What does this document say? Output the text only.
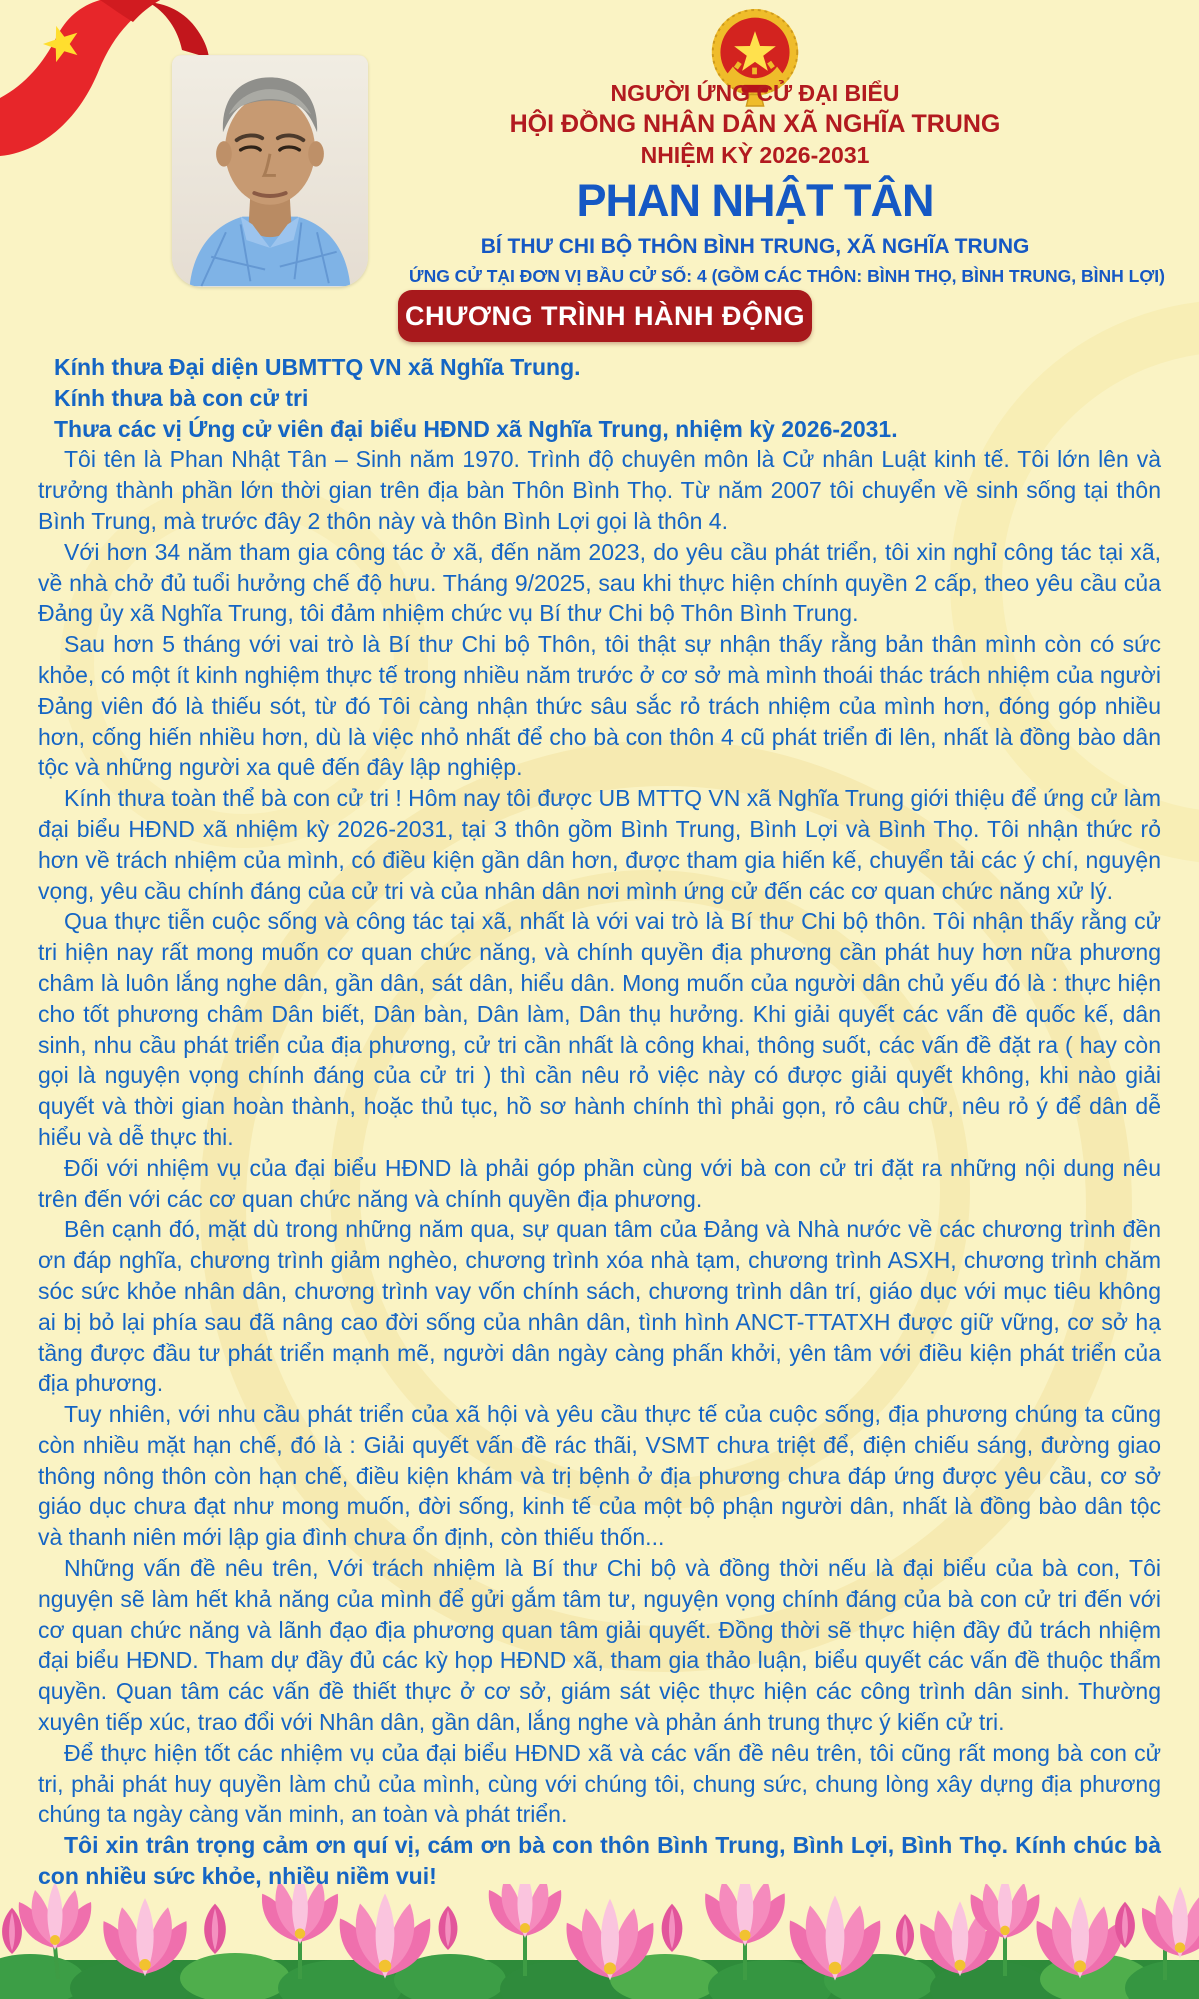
NGƯỜI ỨNG CỬ ĐẠI BIỂU
HỘI ĐỒNG NHÂN DÂN XÃ NGHĨA TRUNG
NHIỆM KỲ 2026-2031
PHAN NHẬT TÂN
BÍ THƯ CHI BỘ THÔN BÌNH TRUNG, XÃ NGHĨA TRUNG
ỨNG CỬ TẠI ĐƠN VỊ BẦU CỬ SỐ: 4 (GỒM CÁC THÔN: BÌNH THỌ, BÌNH TRUNG, BÌNH LỢI)
CHƯƠNG TRÌNH HÀNH ĐỘNG

Kính thưa Đại diện UBMTTQ VN xã Nghĩa Trung.

Kính thưa bà con cử tri

Thưa các vị Ứng cử viên đại biểu HĐND xã Nghĩa Trung, nhiệm kỳ 2026-2031.

Tôi tên là Phan Nhật Tân – Sinh năm 1970. Trình độ chuyên môn là Cử nhân Luật kinh tế. Tôi lớn lên và trưởng thành phần lớn thời gian trên địa bàn Thôn Bình Thọ. Từ năm 2007 tôi chuyển về sinh sống tại thôn Bình Trung, mà trước đây 2 thôn này và thôn Bình Lợi gọi là thôn 4.

Với hơn 34 năm tham gia công tác ở xã, đến năm 2023, do yêu cầu phát triển, tôi xin nghỉ công tác tại xã, về nhà chở đủ tuổi hưởng chế độ hưu. Tháng 9/2025, sau khi thực hiện chính quyền 2 cấp, theo yêu cầu của Đảng ủy xã Nghĩa Trung, tôi đảm nhiệm chức vụ Bí thư Chi bộ Thôn Bình Trung.

Sau hơn 5 tháng với vai trò là Bí thư Chi bộ Thôn, tôi thật sự nhận thấy rằng bản thân mình còn có sức khỏe, có một ít kinh nghiệm thực tế trong nhiều năm trước ở cơ sở mà mình thoái thác trách nhiệm của người Đảng viên đó là thiếu sót, từ đó Tôi càng nhận thức sâu sắc rỏ trách nhiệm của mình hơn, đóng góp nhiều hơn, cống hiến nhiều hơn, dù là việc nhỏ nhất để cho bà con thôn 4 cũ phát triển đi lên, nhất là đồng bào dân tộc và những người xa quê đến đây lập nghiệp.

Kính thưa toàn thể bà con cử tri ! Hôm nay tôi được UB MTTQ VN xã Nghĩa Trung giới thiệu để ứng cử làm đại biểu HĐND xã nhiệm kỳ 2026-2031, tại 3 thôn gồm Bình Trung, Bình Lợi và Bình Thọ. Tôi nhận thức rỏ hơn về trách nhiệm của mình, có điều kiện gần dân hơn, được tham gia hiến kế, chuyển tải các ý chí, nguyện vọng, yêu cầu chính đáng của cử tri và của nhân dân nơi mình ứng cử đến các cơ quan chức năng xử lý.

Qua thực tiễn cuộc sống và công tác tại xã, nhất là với vai trò là Bí thư Chi bộ thôn. Tôi nhận thấy rằng cử tri hiện nay rất mong muốn cơ quan chức năng, và chính quyền địa phương cần phát huy hơn nữa phương châm là luôn lắng nghe dân, gần dân, sát dân, hiểu dân. Mong muốn của người dân chủ yếu đó là : thực hiện cho tốt phương châm Dân biết, Dân bàn, Dân làm, Dân thụ hưởng. Khi giải quyết các vấn đề quốc kế, dân sinh, nhu cầu phát triển của địa phương, cử tri cần nhất là công khai, thông suốt, các vấn đề đặt ra ( hay còn gọi là nguyện vọng chính đáng của cử tri ) thì cần nêu rỏ việc này có được giải quyết không, khi nào giải quyết và thời gian hoàn thành, hoặc thủ tục, hồ sơ hành chính thì phải gọn, rỏ câu chữ, nêu rỏ ý để dân dễ hiểu và dễ thực thi.

Đối với nhiệm vụ của đại biểu HĐND là phải góp phần cùng với bà con cử tri đặt ra những nội dung nêu trên đến với các cơ quan chức năng và chính quyền địa phương.

Bên cạnh đó, mặt dù trong những năm qua, sự quan tâm của Đảng và Nhà nước về các chương trình đền ơn đáp nghĩa, chương trình giảm nghèo, chương trình xóa nhà tạm, chương trình ASXH, chương trình chăm sóc sức khỏe nhân dân, chương trình vay vốn chính sách, chương trình dân trí, giáo dục với mục tiêu không ai bị bỏ lại phía sau đã nâng cao đời sống của nhân dân, tình hình ANCT-TTATXH được giữ vững, cơ sở hạ tầng được đầu tư phát triển mạnh mẽ, người dân ngày càng phấn khởi, yên tâm với điều kiện phát triển của địa phương.

Tuy nhiên, với nhu cầu phát triển của xã hội và yêu cầu thực tế của cuộc sống, địa phương chúng ta cũng còn nhiều mặt hạn chế, đó là : Giải quyết vấn đề rác thãi, VSMT chưa triệt để, điện chiếu sáng, đường giao thông nông thôn còn hạn chế, điều kiện khám và trị bệnh ở địa phương chưa đáp ứng được yêu cầu, cơ sở giáo dục chưa đạt như mong muốn, đời sống, kinh tế của một bộ phận người dân, nhất là đồng bào dân tộc và thanh niên mới lập gia đình chưa ổn định, còn thiếu thốn...

Những vấn đề nêu trên, Với trách nhiệm là Bí thư Chi bộ và đồng thời nếu là đại biểu của bà con, Tôi nguyện sẽ làm hết khả năng của mình để gửi gắm tâm tư, nguyện vọng chính đáng của bà con cử tri đến với cơ quan chức năng và lãnh đạo địa phương quan tâm giải quyết. Đồng thời sẽ thực hiện đầy đủ trách nhiệm đại biểu HĐND. Tham dự đầy đủ các kỳ họp HĐND xã, tham gia thảo luận, biểu quyết các vấn đề thuộc thẩm quyền. Quan tâm các vấn đề thiết thực ở cơ sở, giám sát việc thực hiện các công trình dân sinh. Thường xuyên tiếp xúc, trao đổi với Nhân dân, gần dân, lắng nghe và phản ánh trung thực ý kiến cử tri.

Để thực hiện tốt các nhiệm vụ của đại biểu HĐND xã và các vấn đề nêu trên, tôi cũng rất mong bà con cử tri, phải phát huy quyền làm chủ của mình, cùng với chúng tôi, chung sức, chung lòng xây dựng địa phương chúng ta ngày càng văn minh, an toàn và phát triển.

Tôi xin trân trọng cảm ơn quí vị, cám ơn bà con thôn Bình Trung, Bình Lợi, Bình Thọ. Kính chúc bà con nhiều sức khỏe, nhiều niềm vui!
